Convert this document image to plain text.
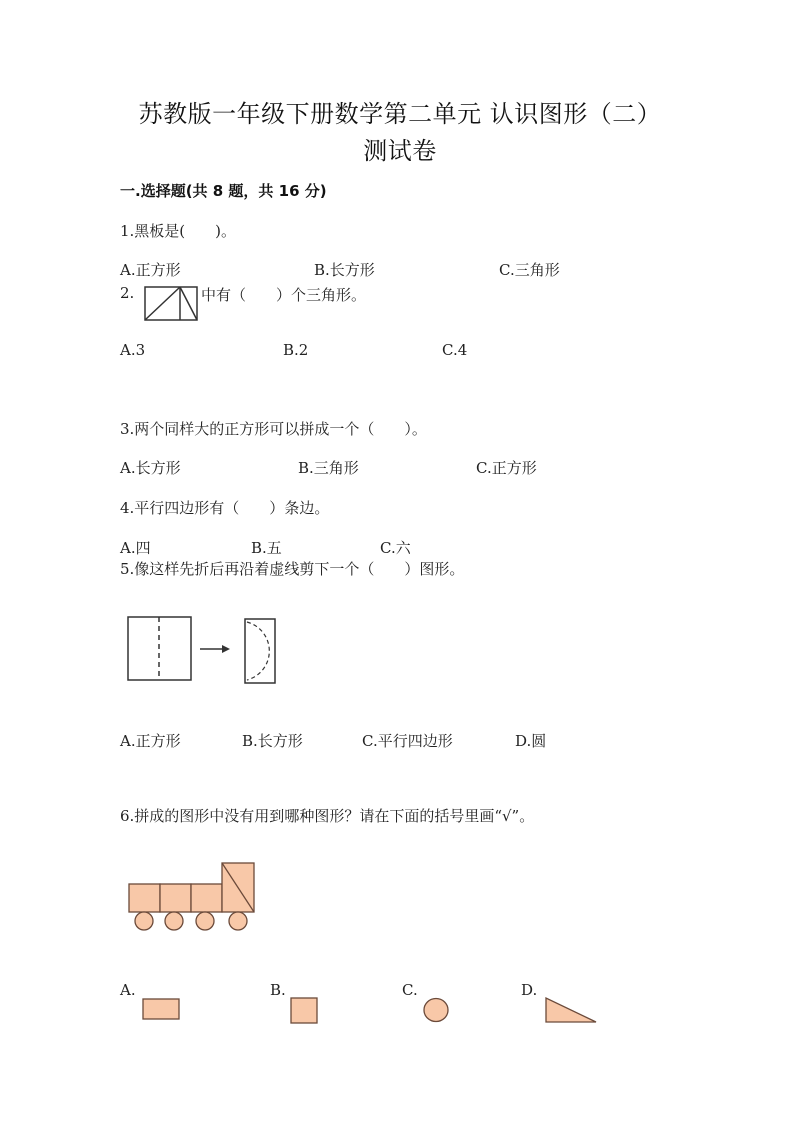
苏教版一年级下册数学第二单元 认识图形（二）
测试卷
一.选择题(共 8 题，共 16 分)
1.黑板是(　　)。
A.正方形	B.长方形	C.三角形
2.	中有（　　）个三角形。
A.3	B.2	C.4
3.两个同样大的正方形可以拼成一个（　　）。
A.长方形	B.三角形	C.正方形
4.平行四边形有（　　）条边。
A.四	B.五	C.六
5.像这样先折后再沿着虚线剪下一个（　　）图形。
A.正方形	B.长方形	C.平行四边形	D.圆
6.拼成的图形中没有用到哪种图形？请在下面的括号里画“√”。
A.	B.	C.	D.
